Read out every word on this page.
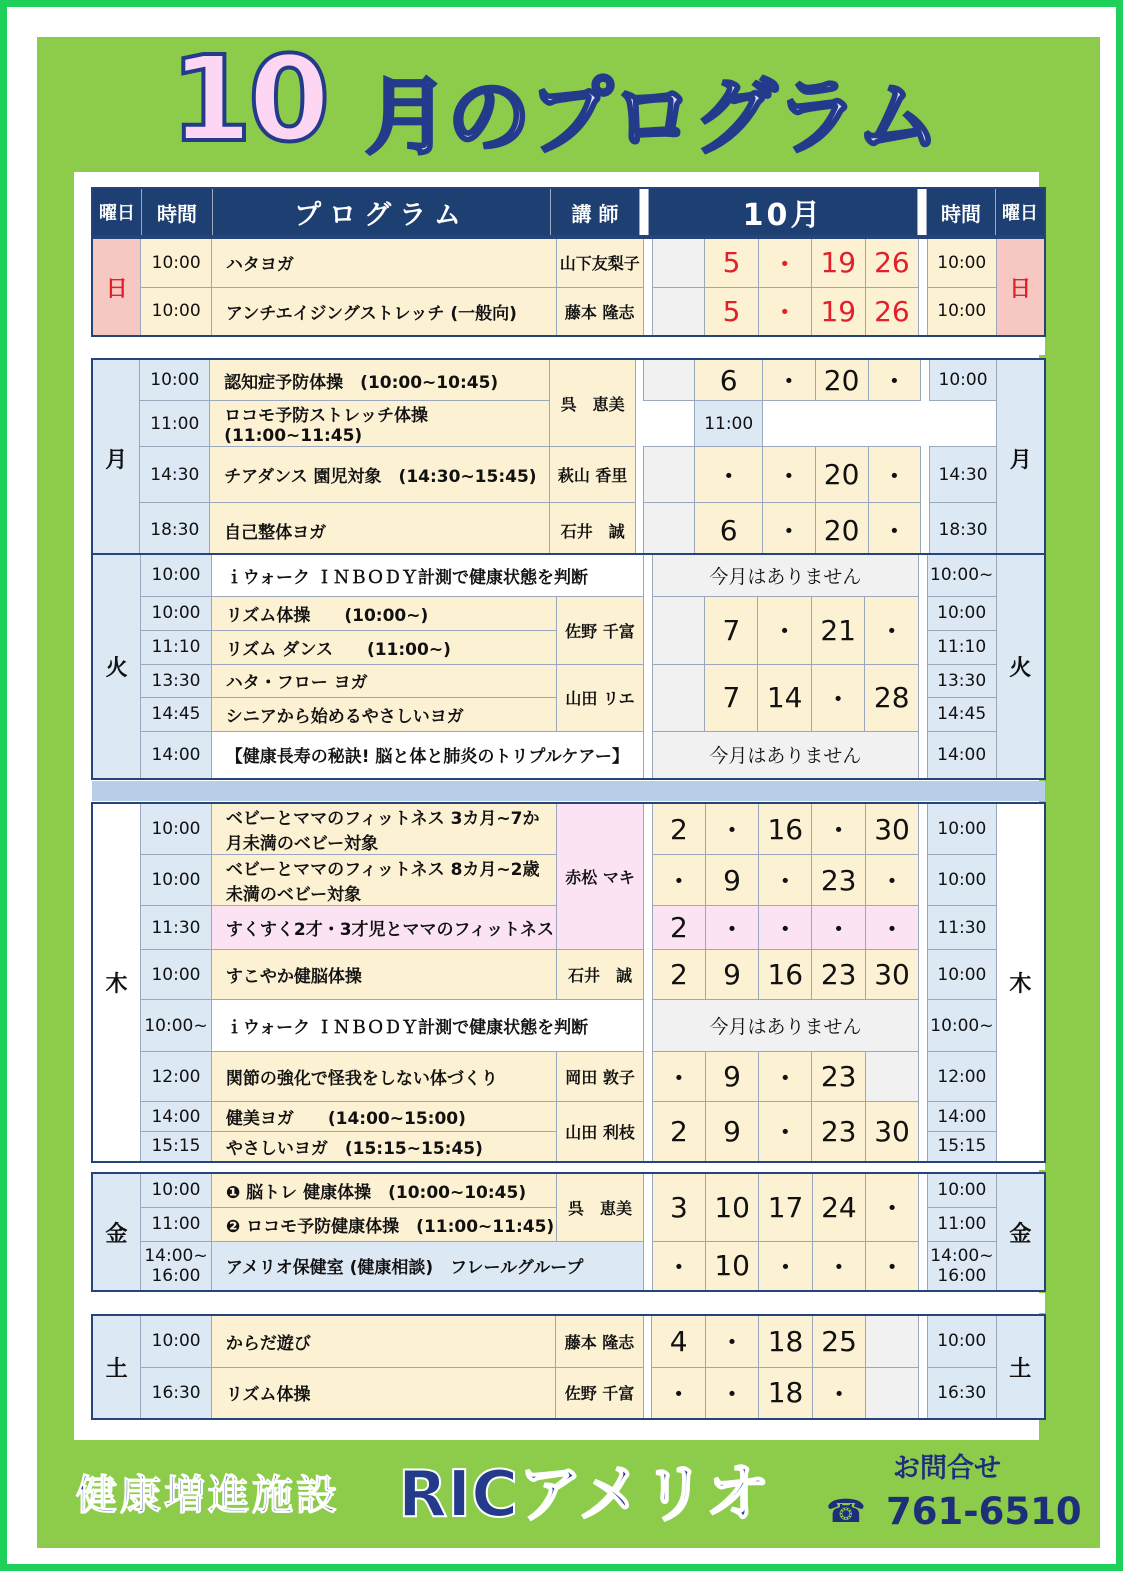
10 月のプログラム
曜日	時間	プログラム	講 師		10月		時間	曜日
日	10:00	ハタヨガ	山下友梨子			5	・	19	26		10:00	日
	10:00	アンチエイジングストレッチ (一般向)	藤本 隆志			5	・	19	26		10:00	
月	10:00	認知症予防体操　(10:00~10:45)	呉　恵美			6	・	20	・		10:00	月
	11:00	ロコモ予防ストレッチ体操 (11:00~11:45)				11:00						
	14:30	チアダンス 園児対象　(14:30~15:45)	萩山 香里			・	・	20	・		14:30	
	18:30	自己整体ヨガ	石井　誠			6	・	20	・		18:30	
火	10:00	ｉウォーク ＩＮＢＯＤＹ計測で健康状態を判断			今月はありません						10:00~	火
	10:00	リズム体操　　(10:00~)	佐野 千富			7	・	21	・		10:00	
	11:10	リズム ダンス　　(11:00~)									11:10	
	13:30	ハタ・フロー ヨガ	山田 リエ			7	14	・	28		13:30	
	14:45	シニアから始めるやさしいヨガ									14:45	
	14:00	【健康長寿の秘訣! 脳と体と肺炎のトリプルケアー】			今月はありません						14:00	
木	10:00	ベビーとママのフィットネス 3カ月~7か月未満のベビー対象	赤松 マキ		2	・	16	・	30		10:00	木
	10:00	ベビーとママのフィットネス 8カ月~2歳未満のベビー対象			・	9	・	23	・		10:00	
	11:30	すくすく2才・3才児とママのフィットネス			2	・	・	・	・		11:30	
	10:00	すこやか健脳体操	石井　誠		2	9	16	23	30		10:00	
	10:00~	ｉウォーク ＩＮＢＯＤＹ計測で健康状態を判断			今月はありません						10:00~	
	12:00	関節の強化で怪我をしない体づくり	岡田 敦子		・	9	・	23			12:00	
	14:00	健美ヨガ　　(14:00~15:00)	山田 利枝		2	9	・	23	30		14:00	
	15:15	やさしいヨガ　(15:15~15:45)									15:15	
金	10:00	❶ 脳トレ 健康体操　(10:00~10:45)	呉　恵美		3	10	17	24	・		10:00	金
	11:00	❷ ロコモ予防健康体操　(11:00~11:45)									11:00	
	14:00~ 16:00	アメリオ保健室 (健康相談)　フレールグループ			・	10	・	・	・		14:00~ 16:00	
土	10:00	からだ遊び	藤本 隆志		4	・	18	25			10:00	土
	16:30	リズム体操	佐野 千富		・	・	18	・			16:30	
健康増進施設 RICアメリオ	お問合せ
☎ 761-6510
